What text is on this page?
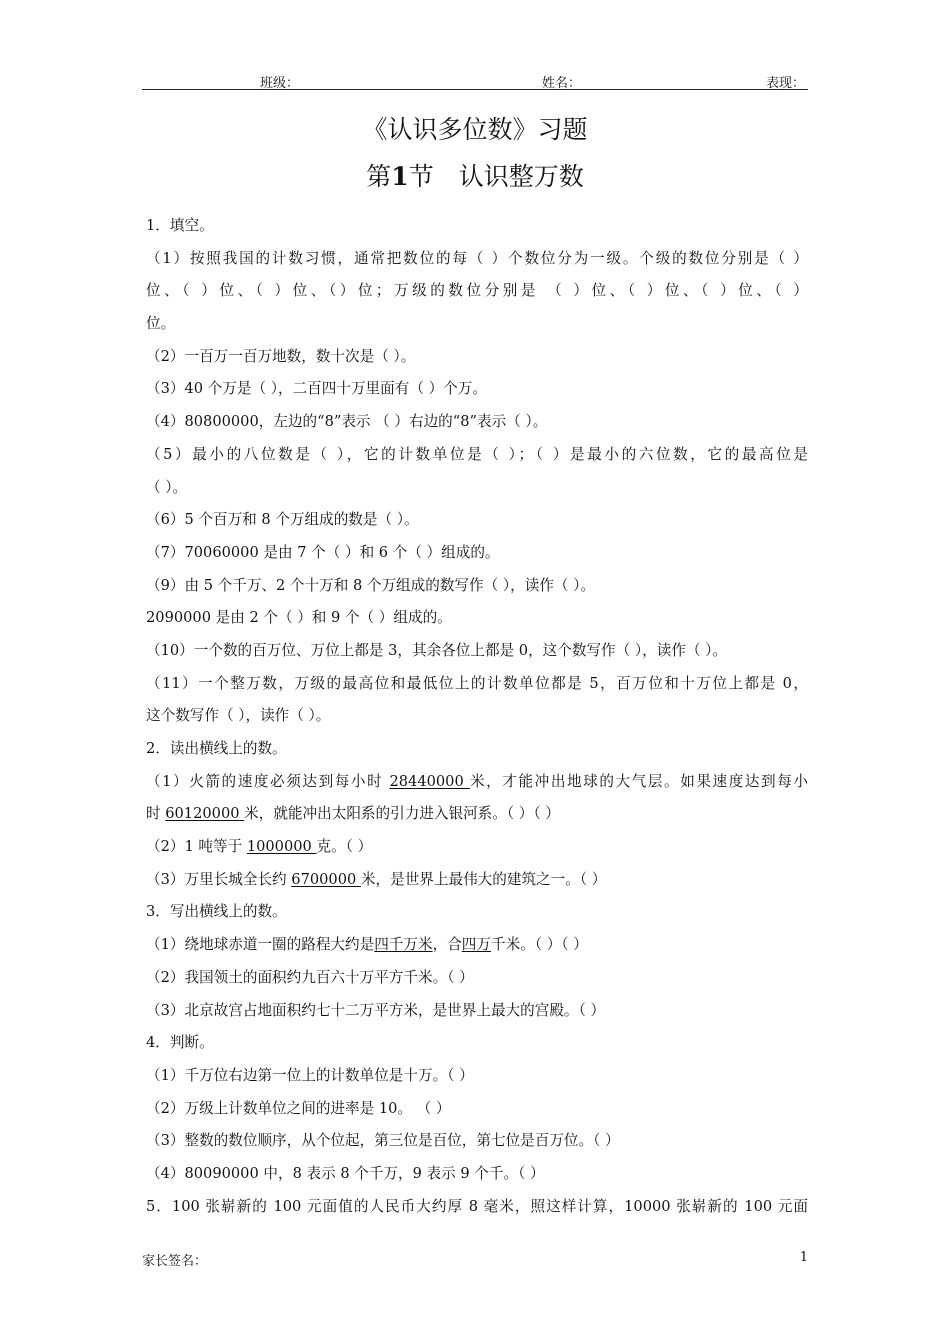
班级：	姓名：	表现：
《认识多位数》习题
第1节　认识整万数
1．填空。
（1）按照我国的计数习惯，通常把数位的每（ ）个数位分为一级。个级的数位分别是（ ）
位、（ ）位、（ ）位、（）位；万级的数位分别是 （ ）位、（ ）位、（ ）位、（ ）
位。
（2）一百万一百万地数，数十次是（ ）。
（3）40 个万是（ ），二百四十万里面有（ ）个万。
（4）80800000，左边的“8”表示 （ ）右边的“8”表示（ ）。
（5）最小的八位数是（ ），它的计数单位是（ ）；（ ）是最小的六位数，它的最高位是
（ ）。
（6）5 个百万和 8 个万组成的数是（ ）。
（7）70060000 是由 7 个（ ）和 6 个（ ）组成的。
（9）由 5 个千万、2 个十万和 8 个万组成的数写作（ ），读作（ ）。
2090000 是由 2 个（ ）和 9 个（ ）组成的。
（10）一个数的百万位、万位上都是 3，其余各位上都是 0，这个数写作（ ），读作（ ）。
（11）一个整万数，万级的最高位和最低位上的计数单位都是 5，百万位和十万位上都是 0，
这个数写作（ ），读作（ ）。
2．读出横线上的数。
（1）火箭的速度必须达到每小时 28440000 米，才能冲出地球的大气层。如果速度达到每小
时 60120000 米，就能冲出太阳系的引力进入银河系。（ ）（ ）
（2）1 吨等于 1000000 克。（ ）
（3）万里长城全长约 6700000 米，是世界上最伟大的建筑之一。（ ）
3．写出横线上的数。
（1）绕地球赤道一圈的路程大约是四千万米，合四万千米。（ ）（ ）
（2）我国领土的面积约九百六十万平方千米。（ ）
（3）北京故宫占地面积约七十二万平方米，是世界上最大的宫殿。（ ）
4．判断。
（1）千万位右边第一位上的计数单位是十万。（ ）
（2）万级上计数单位之间的进率是 10。 （ ）
（3）整数的数位顺序，从个位起，第三位是百位，第七位是百万位。（ ）
（4）80090000 中，8 表示 8 个千万，9 表示 9 个千。（ ）
5．100 张崭新的 100 元面值的人民币大约厚 8 毫米，照这样计算，10000 张崭新的 100 元面
家长签名：	1
